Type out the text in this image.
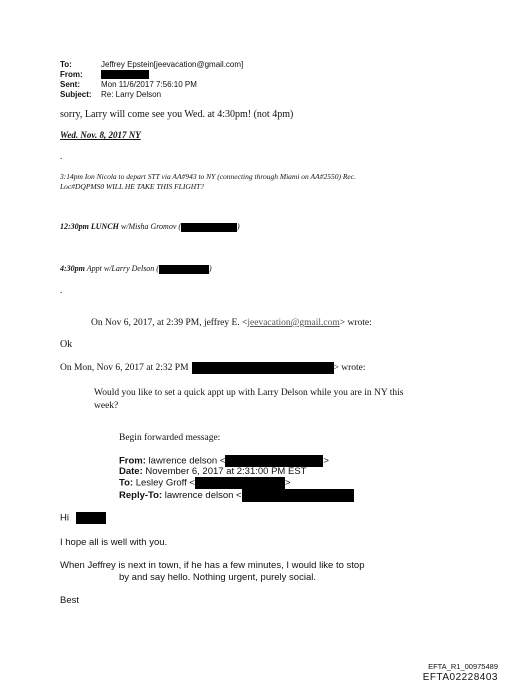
To:	Jeffrey Epstein[jeevacation@gmail.com]
From:
Sent:	Mon 11/6/2017 7:56:10 PM
Subject: Re: Larry Delson
sorry, Larry will come see you Wed. at 4:30pm! (not 4pm)
Wed. Nov. 8, 2017 NY
.
3:14pm Ion Nicola to depart STT via AA#943 to NY (connecting through Miami on AA#2550) Rec.
Loc#DQPMS0 WILL HE TAKE THIS FLIGHT?
12:30pm LUNCH w/Misha Gromov (	)
4:30pm Appt w/Larry Delson (	)
.
On Nov 6, 2017, at 2:39 PM, jeffrey E. <jeevacation@gmail.com> wrote:
Ok
On Mon, Nov 6, 2017 at 2:32 PM	> wrote:
Would you like to set a quick appt up with Larry Delson while you are in NY this
week?
Begin forwarded message:
From: lawrence delson <	>
Date: November 6, 2017 at 2:31:00 PM EST
To: Lesley Groff <	>
Reply-To: lawrence delson <
Hi
I hope all is well with you.
When Jeffrey is next in town, if he has a few minutes, I would like to stop
by and say hello. Nothing urgent, purely social.
Best
EFTA_R1_00975489
EFTA02228403
